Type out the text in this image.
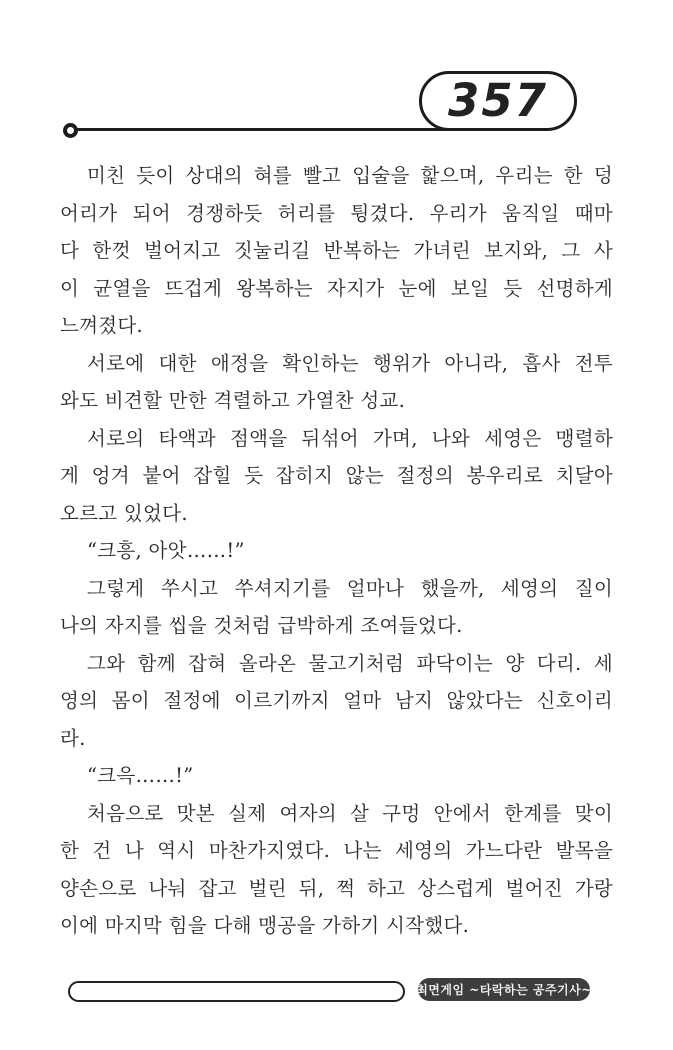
357
미친 듯이 상대의 혀를 빨고 입술을 핥으며, 우리는 한 덩
어리가 되어 경쟁하듯 허리를 튕겼다. 우리가 움직일 때마
다 한껏 벌어지고 짓눌리길 반복하는 가녀린 보지와, 그 사
이 균열을 뜨겁게 왕복하는 자지가 눈에 보일 듯 선명하게
느껴졌다.
서로에 대한 애정을 확인하는 행위가 아니라, 흡사 전투
와도 비견할 만한 격렬하고 가열찬 성교.
서로의 타액과 점액을 뒤섞어 가며, 나와 세영은 맹렬하
게 엉겨 붙어 잡힐 듯 잡히지 않는 절정의 봉우리로 치달아
오르고 있었다.
“크흥, 아앗……!”
그렇게 쑤시고 쑤셔지기를 얼마나 했을까, 세영의 질이
나의 자지를 씹을 것처럼 급박하게 조여들었다.
그와 함께 잡혀 올라온 물고기처럼 파닥이는 양 다리. 세
영의 몸이 절정에 이르기까지 얼마 남지 않았다는 신호이리
라.
“크윽……!”
처음으로 맛본 실제 여자의 살 구멍 안에서 한계를 맞이
한 건 나 역시 마찬가지였다. 나는 세영의 가느다란 발목을
양손으로 나눠 잡고 벌린 뒤, 쩍 하고 상스럽게 벌어진 가랑
이에 마지막 힘을 다해 맹공을 가하기 시작했다.
최면게임 ~타락하는 공주기사~
